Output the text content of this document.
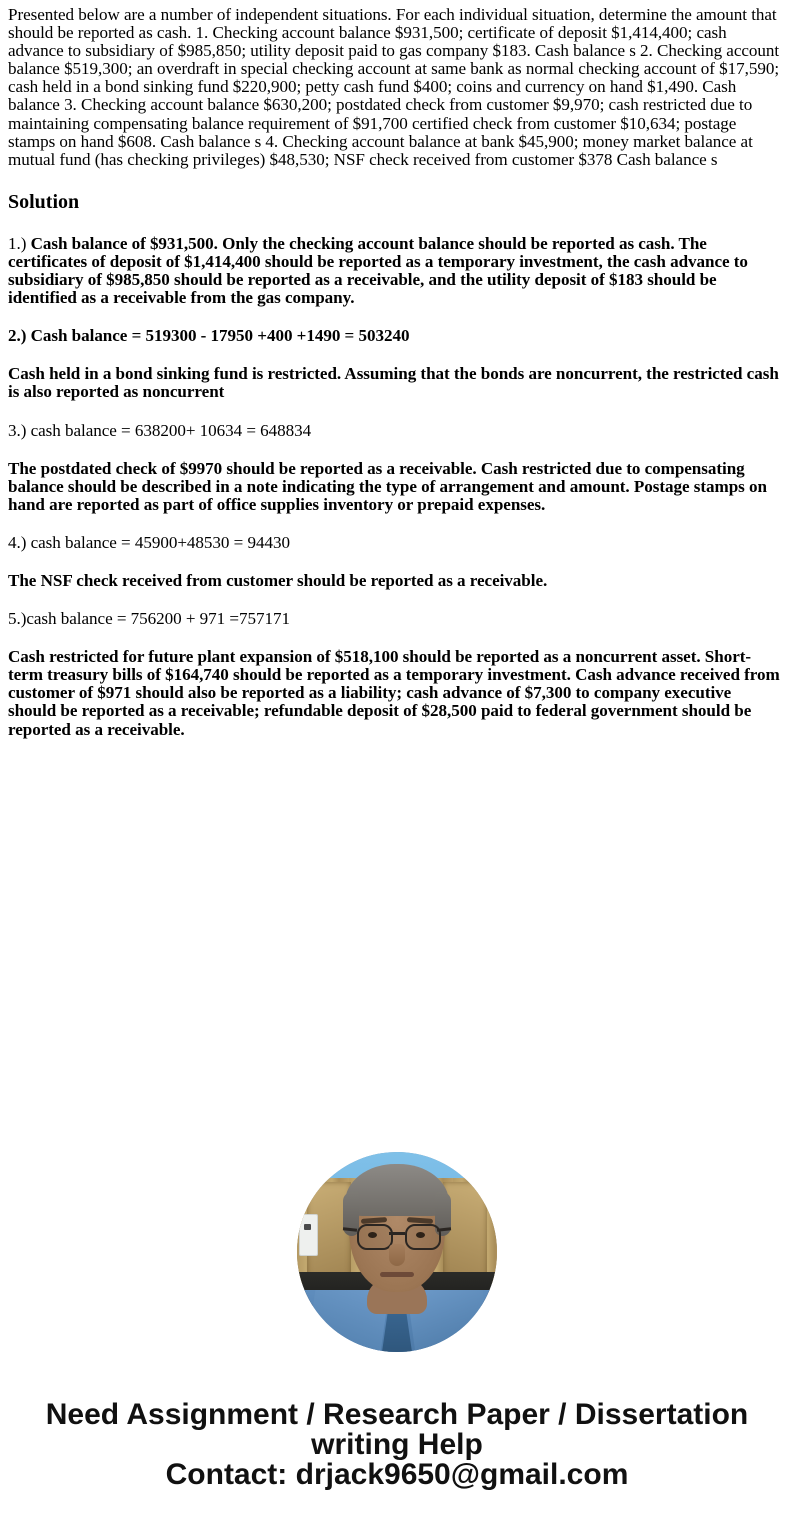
Presented below are a number of independent situations. For each individual situation, determine the amount that should be reported as cash. 1. Checking account balance $931,500; certificate of deposit $1,414,400; cash advance to subsidiary of $985,850; utility deposit paid to gas company $183. Cash balance s 2. Checking account balance $519,300; an overdraft in special checking account at same bank as normal checking account of $17,590; cash held in a bond sinking fund $220,900; petty cash fund $400; coins and currency on hand $1,490. Cash balance 3. Checking account balance $630,200; postdated check from customer $9,970; cash restricted due to maintaining compensating balance requirement of $91,700 certified check from customer $10,634; postage stamps on hand $608. Cash balance s 4. Checking account balance at bank $45,900; money market balance at mutual fund (has checking privileges) $48,530; NSF check received from customer $378 Cash balance s

Solution

1.) Cash balance of $931,500. Only the checking account balance should be reported as cash. The certificates of deposit of $1,414,400 should be reported as a temporary investment, the cash advance to subsidiary of $985,850 should be reported as a receivable, and the utility deposit of $183 should be identified as a receivable from the gas company.

2.) Cash balance = 519300 - 17950 +400 +1490 = 503240

Cash held in a bond sinking fund is restricted. Assuming that the bonds are noncurrent, the restricted cash is also reported as noncurrent

3.) cash balance = 638200+ 10634 = 648834

The postdated check of $9970 should be reported as a receivable. Cash restricted due to compensating balance should be described in a note indicating the type of arrangement and amount. Postage stamps on hand are reported as part of office supplies inventory or prepaid expenses.

4.) cash balance = 45900+48530 = 94430

The NSF check received from customer should be reported as a receivable.

5.)cash balance = 756200 + 971 =757171

Cash restricted for future plant expansion of $518,100 should be reported as a noncurrent asset. Short-term treasury bills of $164,740 should be reported as a temporary investment. Cash advance received from customer of $971 should also be reported as a liability; cash advance of $7,300 to company executive should be reported as a receivable; refundable deposit of $28,500 paid to federal government should be reported as a receivable.

Need Assignment / Research Paper / Dissertation
writing Help
Contact: drjack9650@gmail.com
